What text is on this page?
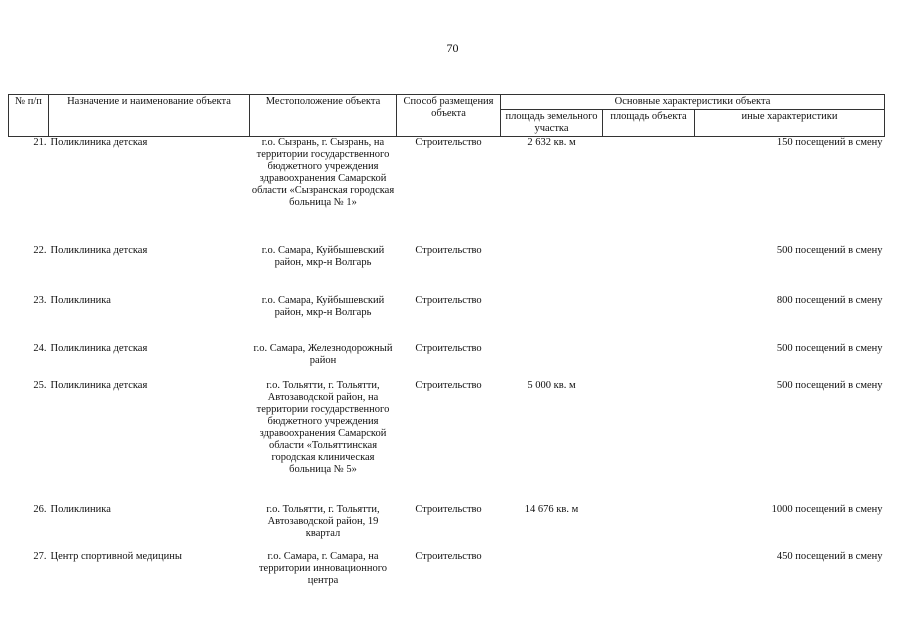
70
№ п/п	Назначение и наименование объекта	Местоположение объекта	Способ размещения объекта	Основные характеристики объекта		
				площадь земельного участка	площадь объекта	иные характеристики
21.	Поликлиника детская	г.о. Сызрань, г. Сызрань, на территории государственного бюджетного учреждения здравоохранения Самарской области «Сызранская городская больница № 1»	Строительство	2 632 кв. м		150 посещений в смену
22.	Поликлиника детская	г.о. Самара, Куйбышевский район, мкр-н Волгарь	Строительство			500 посещений в смену
23.	Поликлиника	г.о. Самара, Куйбышевский район, мкр-н Волгарь	Строительство			800 посещений в смену
24.	Поликлиника детская	г.о. Самара, Железнодорожный район	Строительство			500 посещений в смену
25.	Поликлиника детская	г.о. Тольятти, г. Тольятти, Автозаводской район, на территории государственного бюджетного учреждения здравоохранения Самарской области «Тольяттинская городская клиническая больница № 5»	Строительство	5 000 кв. м		500 посещений в смену
26.	Поликлиника	г.о. Тольятти, г. Тольятти, Автозаводской район, 19 квартал	Строительство	14 676 кв. м		1000 посещений в смену
27.	Центр спортивной медицины	г.о. Самара, г. Самара, на территории инновационного центра	Строительство			450 посещений в смену
